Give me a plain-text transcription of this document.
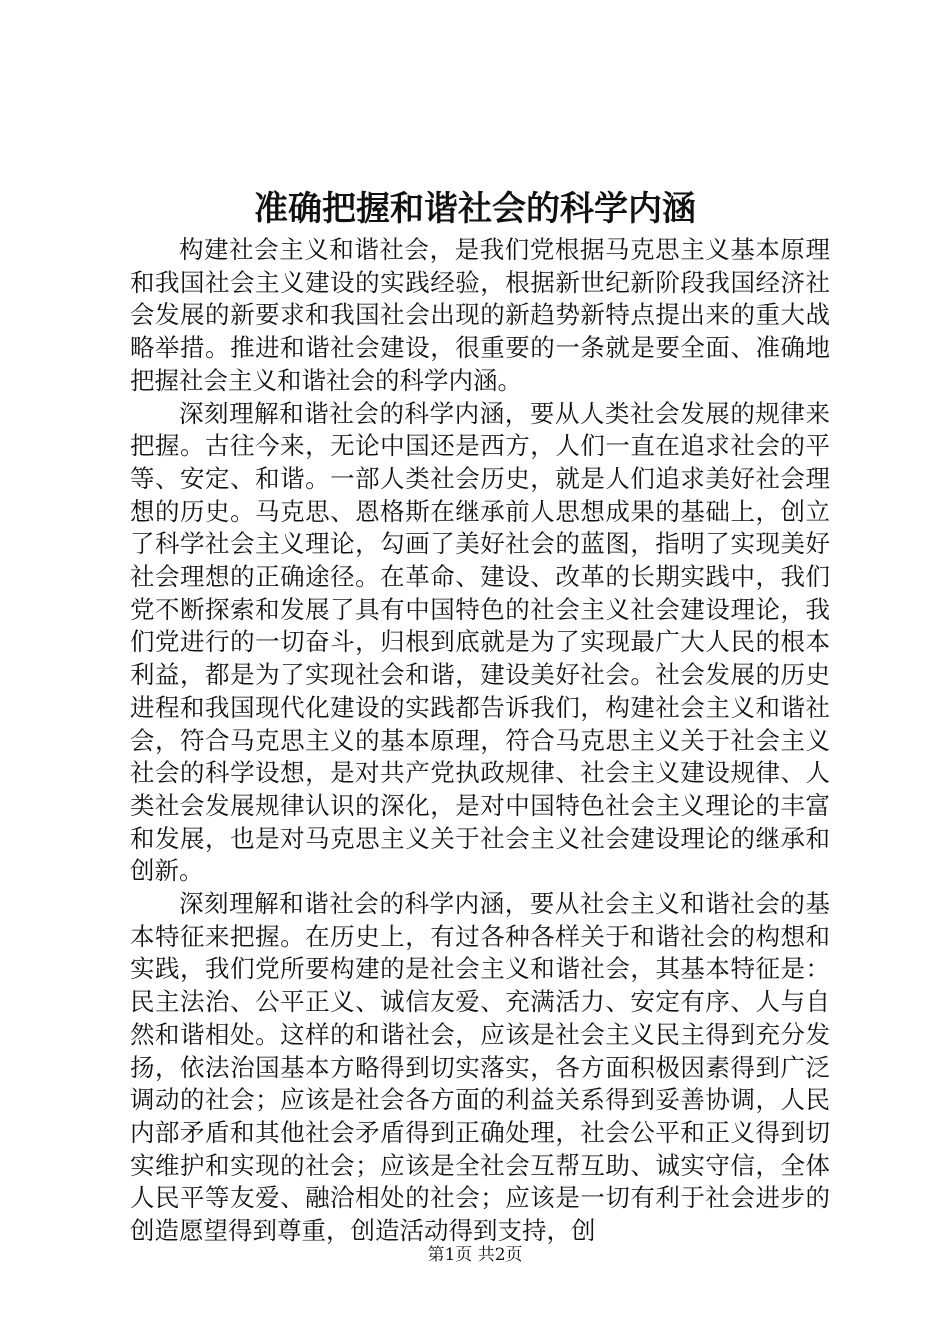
准确把握和谐社会的科学内涵

构建社会主义和谐社会，是我们党根据马克思主义基本原理和我国社会主义建设的实践经验，根据新世纪新阶段我国经济社会发展的新要求和我国社会出现的新趋势新特点提出来的重大战略举措。推进和谐社会建设，很重要的一条就是要全面、准确地把握社会主义和谐社会的科学内涵。

深刻理解和谐社会的科学内涵，要从人类社会发展的规律来把握。古往今来，无论中国还是西方，人们一直在追求社会的平等、安定、和谐。一部人类社会历史，就是人们追求美好社会理想的历史。马克思、恩格斯在继承前人思想成果的基础上，创立了科学社会主义理论，勾画了美好社会的蓝图，指明了实现美好社会理想的正确途径。在革命、建设、改革的长期实践中，我们党不断探索和发展了具有中国特色的社会主义社会建设理论，我们党进行的一切奋斗，归根到底就是为了实现最广大人民的根本利益，都是为了实现社会和谐，建设美好社会。社会发展的历史进程和我国现代化建设的实践都告诉我们，构建社会主义和谐社会，符合马克思主义的基本原理，符合马克思主义关于社会主义社会的科学设想，是对共产党执政规律、社会主义建设规律、人类社会发展规律认识的深化，是对中国特色社会主义理论的丰富和发展，也是对马克思主义关于社会主义社会建设理论的继承和创新。

深刻理解和谐社会的科学内涵，要从社会主义和谐社会的基本特征来把握。在历史上，有过各种各样关于和谐社会的构想和实践，我们党所要构建的是社会主义和谐社会，其基本特征是：民主法治、公平正义、诚信友爱、充满活力、安定有序、人与自然和谐相处。这样的和谐社会，应该是社会主义民主得到充分发扬，依法治国基本方略得到切实落实，各方面积极因素得到广泛调动的社会；应该是社会各方面的利益关系得到妥善协调，人民内部矛盾和其他社会矛盾得到正确处理，社会公平和正义得到切实维护和实现的社会；应该是全社会互帮互助、诚实守信，全体人民平等友爱、融洽相处的社会；应该是一切有利于社会进步的创造愿望得到尊重，创造活动得到支持，创

第1页 共2页
